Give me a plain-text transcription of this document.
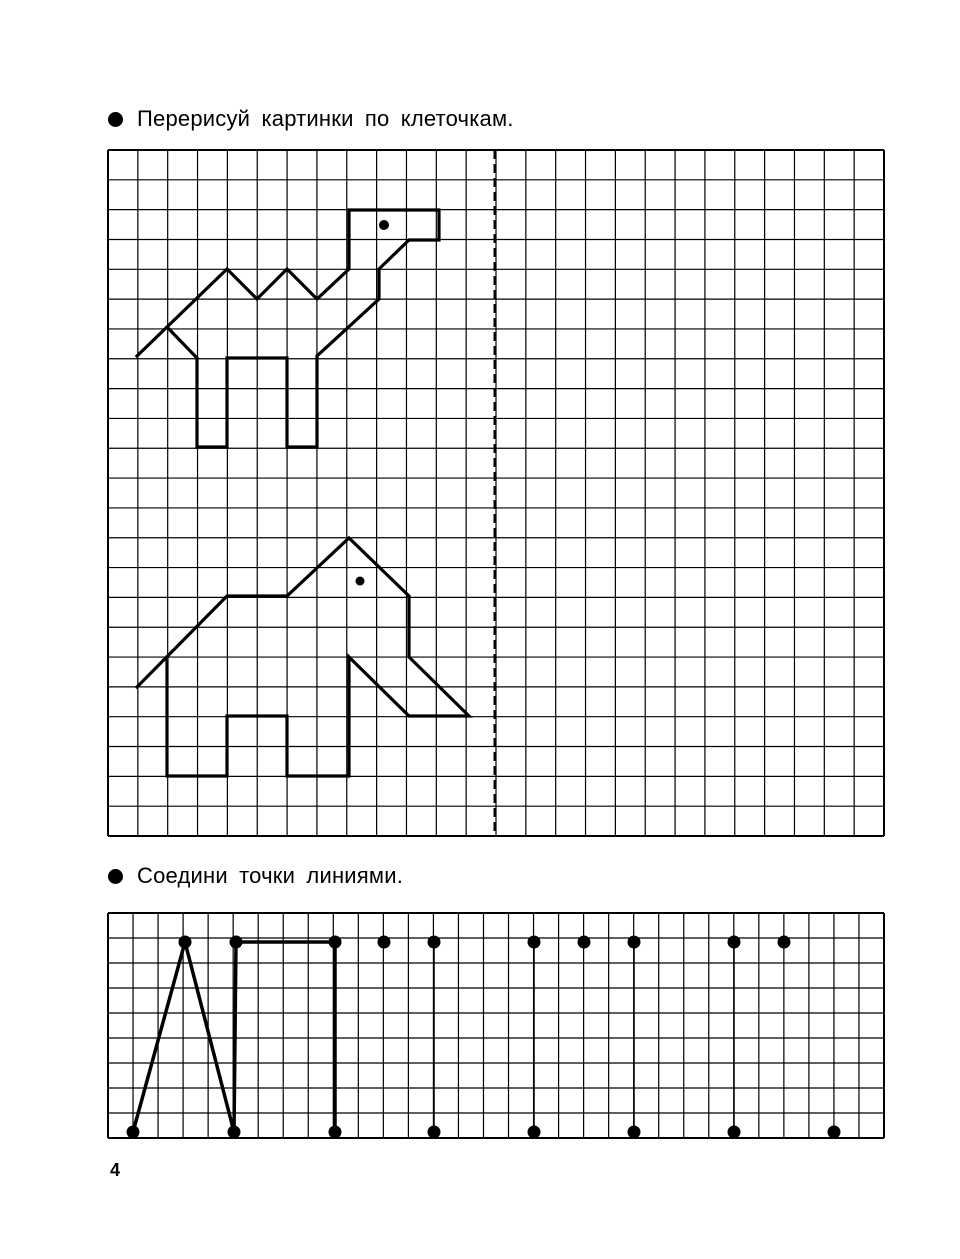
Перерисуй картинки по клеточкам.
Соедини точки линиями.
4
